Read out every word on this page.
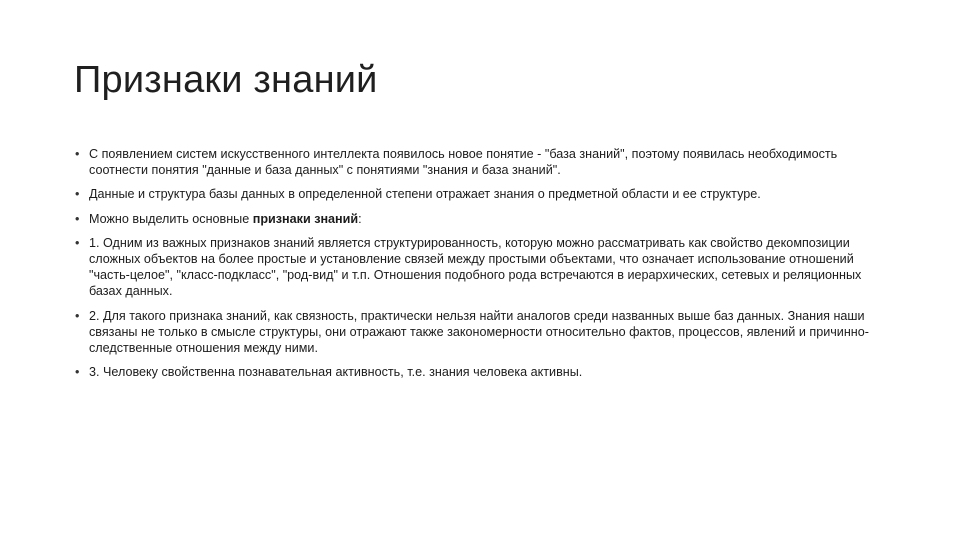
Признаки знаний
• С появлением систем искусственного интеллекта появилось новое понятие - "база знаний", поэтому появилась необходимость соотнести понятия "данные и база данных" с понятиями "знания и база знаний".
• Данные и структура базы данных в определенной степени отражает знания о предметной области и ее структуре.
• Можно выделить основные признаки знаний:
• 1. Одним из важных признаков знаний является структурированность, которую можно рассматривать как свойство декомпозиции сложных объектов на более простые и установление связей между простыми объектами, что означает использование отношений "часть-целое", "класс-подкласс", "род-вид" и т.п. Отношения подобного рода встречаются в иерархических, сетевых и реляционных базах данных.
• 2. Для такого признака знаний, как связность, практически нельзя найти аналогов среди названных выше баз данных. Знания наши связаны не только в смысле структуры, они отражают также закономерности относительно фактов, процессов, явлений и причинно-следственные отношения между ними.
• 3. Человеку свойственна познавательная активность, т.е. знания человека активны.
